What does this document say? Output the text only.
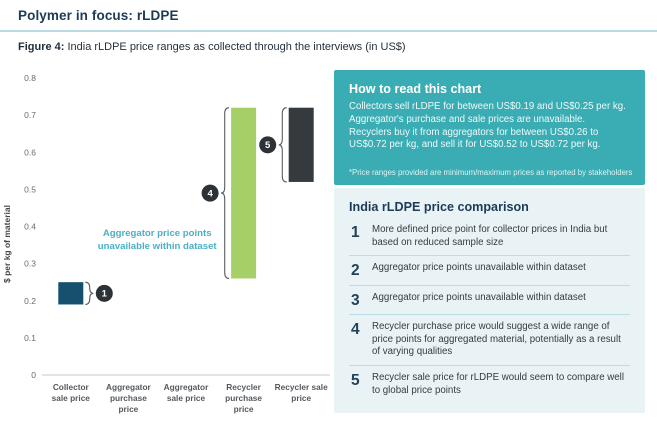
Polymer in focus: rLDPE
Figure 4: India rLDPE price ranges as collected through the interviews (in US$)
0
0.1
0.2
0.3
0.4
0.5
0.6
0.7
0.8
$ per kg of material
1
4
5
Collector sale price
Aggregator purchase price
Aggregator sale price
Recycler purchase price
Recycler sale price
Aggregator price points unavailable within dataset
How to read this chart
Collectors sell rLDPE for between US$0.19 and US$0.25 per kg. Aggregator's purchase and sale prices are unavailable. Recyclers buy it from aggregators for between US$0.26 to US$0.72 per kg, and sell it for US$0.52 to US$0.72 per kg.
*Price ranges provided are minimum/maximum prices as reported by stakeholders
India rLDPE price comparison
1	More defined price point for collector prices in India but based on reduced sample size
2	Aggregator price points unavailable within dataset
3	Aggregator price points unavailable within dataset
4	Recycler purchase price would suggest a wide range of price points for aggregated material, potentially as a result of varying qualities
5	Recycler sale price for rLDPE would seem to compare well to global price points
